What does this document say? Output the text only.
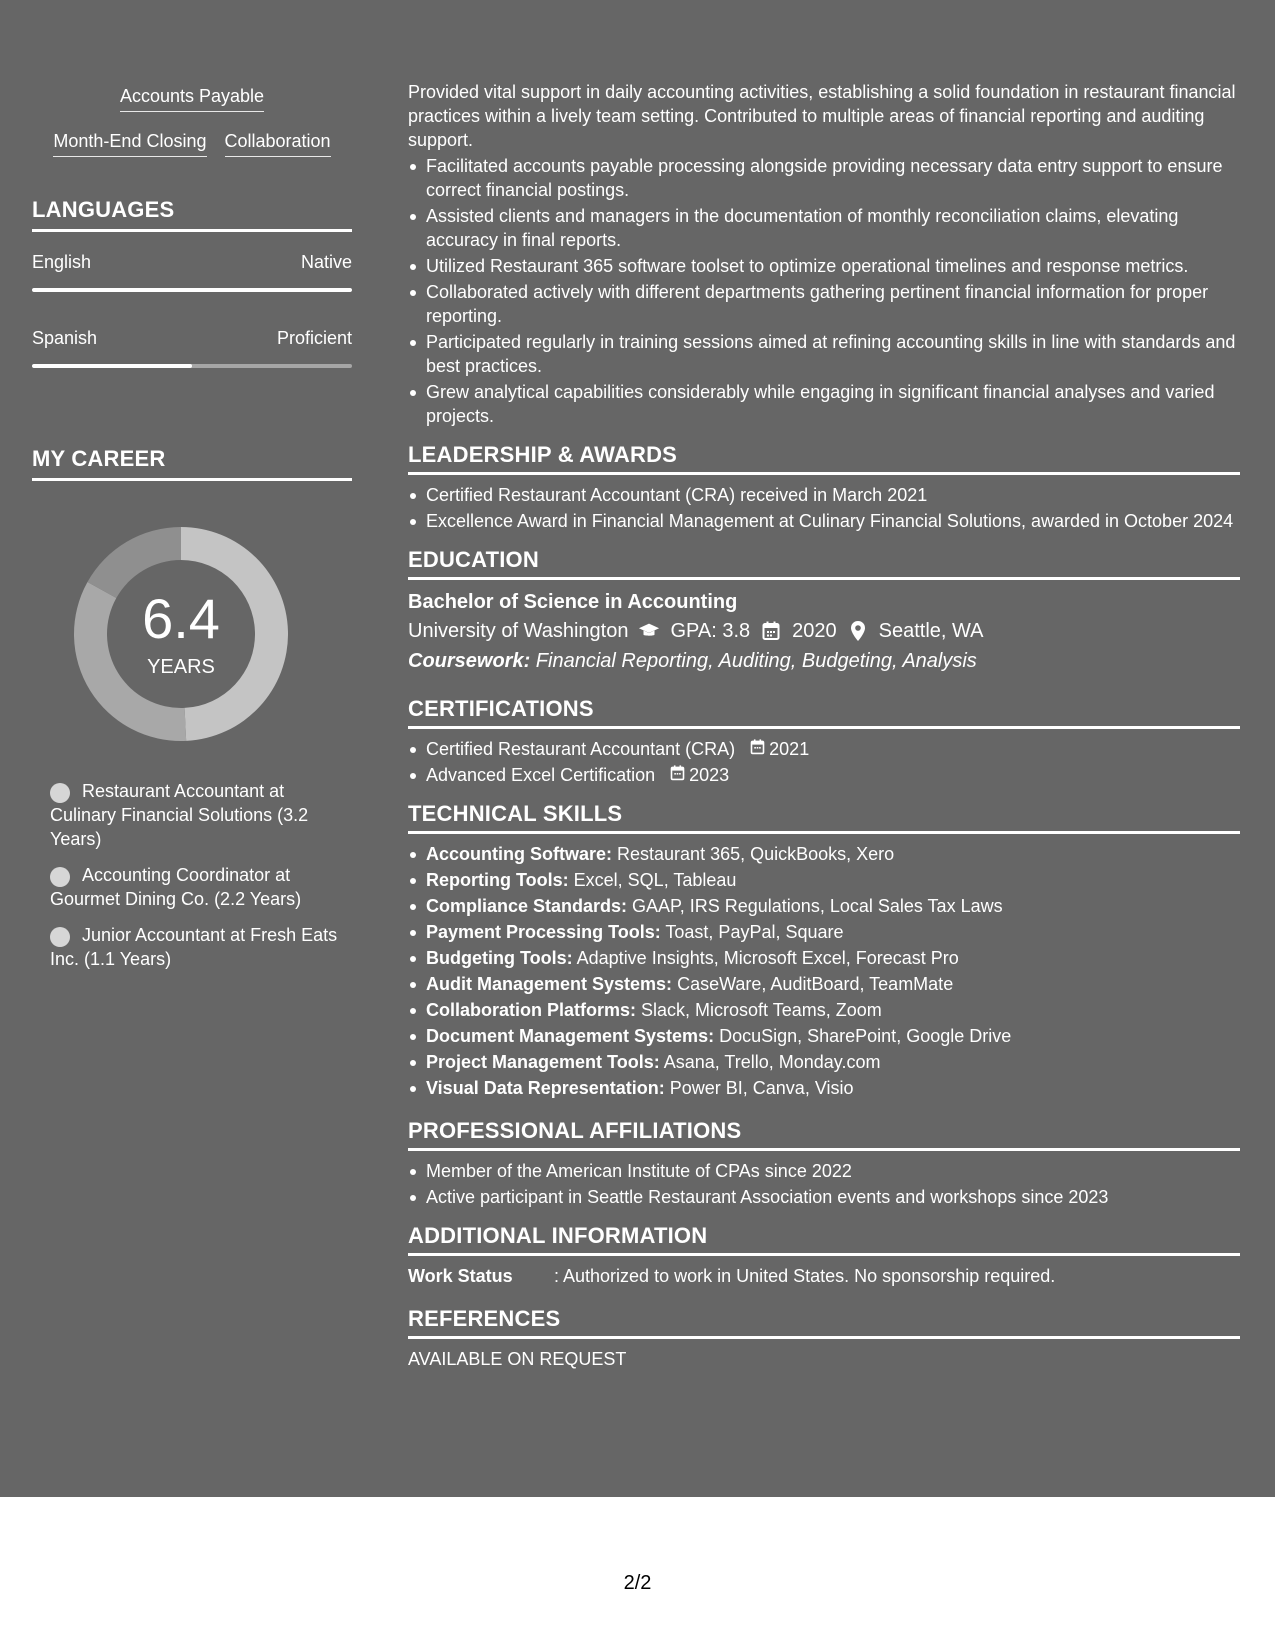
Accounts Payable
Month-End Closing Collaboration
LANGUAGES
English	Native
Spanish	Proficient
MY CAREER
6.4
YEARS
Restaurant Accountant at Culinary Financial Solutions (3.2 Years)
Accounting Coordinator at Gourmet Dining Co. (2.2 Years)
Junior Accountant at Fresh Eats Inc. (1.1 Years)

Provided vital support in daily accounting activities, establishing a solid foundation in restaurant financial practices within a lively team setting. Contributed to multiple areas of financial reporting and auditing support.

Facilitated accounts payable processing alongside providing necessary data entry support to ensure correct financial postings.
Assisted clients and managers in the documentation of monthly reconciliation claims, elevating accuracy in final reports.
Utilized Restaurant 365 software toolset to optimize operational timelines and response metrics.
Collaborated actively with different departments gathering pertinent financial information for proper reporting.
Participated regularly in training sessions aimed at refining accounting skills in line with standards and best practices.
Grew analytical capabilities considerably while engaging in significant financial analyses and varied projects.
LEADERSHIP & AWARDS
Certified Restaurant Accountant (CRA) received in March 2021
Excellence Award in Financial Management at Culinary Financial Solutions, awarded in October 2024
EDUCATION
Bachelor of Science in Accounting
University of Washington GPA: 3.8 2020 Seattle, WA
Coursework: Financial Reporting, Auditing, Budgeting, Analysis
CERTIFICATIONS
Certified Restaurant Accountant (CRA) 2021
Advanced Excel Certification 2023
TECHNICAL SKILLS
Accounting Software: Restaurant 365, QuickBooks, Xero
Reporting Tools: Excel, SQL, Tableau
Compliance Standards: GAAP, IRS Regulations, Local Sales Tax Laws
Payment Processing Tools: Toast, PayPal, Square
Budgeting Tools: Adaptive Insights, Microsoft Excel, Forecast Pro
Audit Management Systems: CaseWare, AuditBoard, TeamMate
Collaboration Platforms: Slack, Microsoft Teams, Zoom
Document Management Systems: DocuSign, SharePoint, Google Drive
Project Management Tools: Asana, Trello, Monday.com
Visual Data Representation: Power BI, Canva, Visio
PROFESSIONAL AFFILIATIONS
Member of the American Institute of CPAs since 2022
Active participant in Seattle Restaurant Association events and workshops since 2023
ADDITIONAL INFORMATION
Work Status	: Authorized to work in United States. No sponsorship required.
REFERENCES
AVAILABLE ON REQUEST
2/2
